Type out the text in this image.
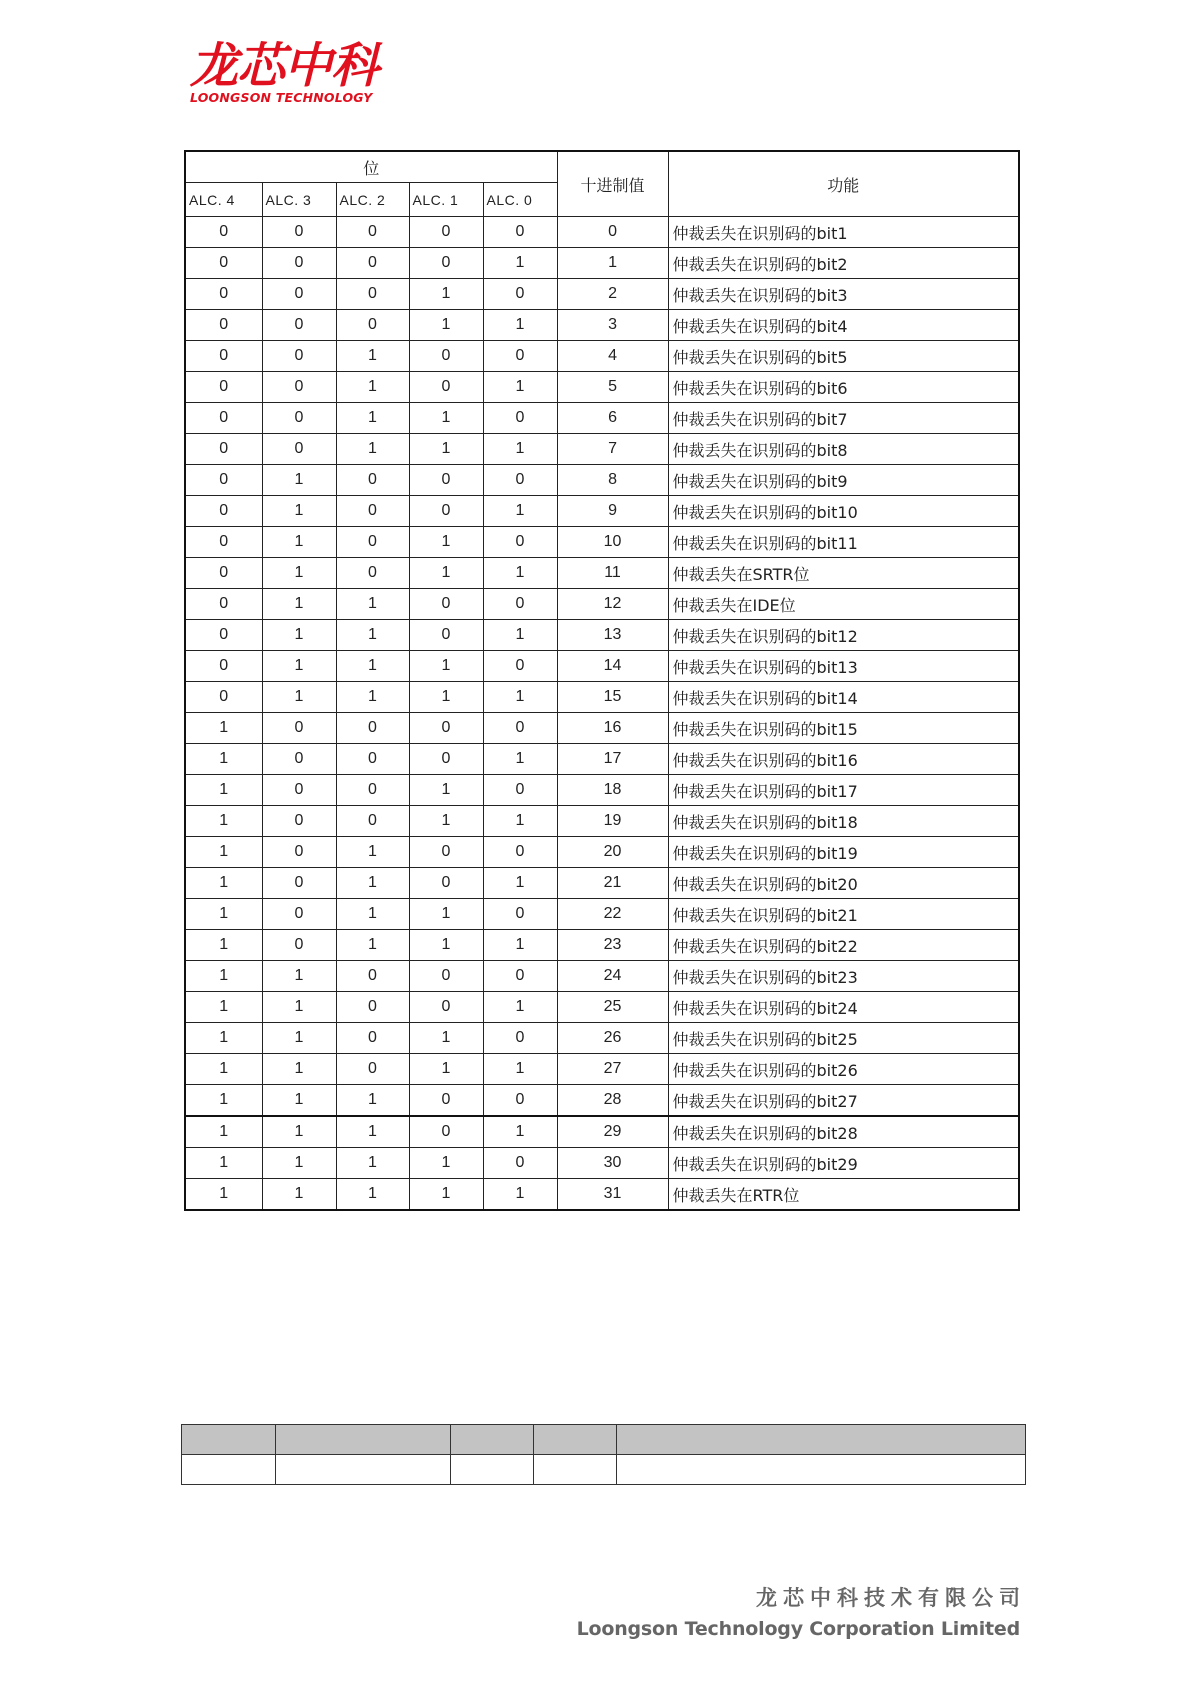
龙芯中科
LOONGSON TECHNOLOGY
位					十进制值	功能
ALC. 4	ALC. 3	ALC. 2	ALC. 1	ALC. 0		
0	0	0	0	0	0	仲裁丢失在识别码的bit1
0	0	0	0	1	1	仲裁丢失在识别码的bit2
0	0	0	1	0	2	仲裁丢失在识别码的bit3
0	0	0	1	1	3	仲裁丢失在识别码的bit4
0	0	1	0	0	4	仲裁丢失在识别码的bit5
0	0	1	0	1	5	仲裁丢失在识别码的bit6
0	0	1	1	0	6	仲裁丢失在识别码的bit7
0	0	1	1	1	7	仲裁丢失在识别码的bit8
0	1	0	0	0	8	仲裁丢失在识别码的bit9
0	1	0	0	1	9	仲裁丢失在识别码的bit10
0	1	0	1	0	10	仲裁丢失在识别码的bit11
0	1	0	1	1	11	仲裁丢失在SRTR位
0	1	1	0	0	12	仲裁丢失在IDE位
0	1	1	0	1	13	仲裁丢失在识别码的bit12
0	1	1	1	0	14	仲裁丢失在识别码的bit13
0	1	1	1	1	15	仲裁丢失在识别码的bit14
1	0	0	0	0	16	仲裁丢失在识别码的bit15
1	0	0	0	1	17	仲裁丢失在识别码的bit16
1	0	0	1	0	18	仲裁丢失在识别码的bit17
1	0	0	1	1	19	仲裁丢失在识别码的bit18
1	0	1	0	0	20	仲裁丢失在识别码的bit19
1	0	1	0	1	21	仲裁丢失在识别码的bit20
1	0	1	1	0	22	仲裁丢失在识别码的bit21
1	0	1	1	1	23	仲裁丢失在识别码的bit22
1	1	0	0	0	24	仲裁丢失在识别码的bit23
1	1	0	0	1	25	仲裁丢失在识别码的bit24
1	1	0	1	0	26	仲裁丢失在识别码的bit25
1	1	0	1	1	27	仲裁丢失在识别码的bit26
1	1	1	0	0	28	仲裁丢失在识别码的bit27
1	1	1	0	1	29	仲裁丢失在识别码的bit28
1	1	1	1	0	30	仲裁丢失在识别码的bit29
1	1	1	1	1	31	仲裁丢失在RTR位

龙芯中科技术有限公司
Loongson Technology Corporation Limited
